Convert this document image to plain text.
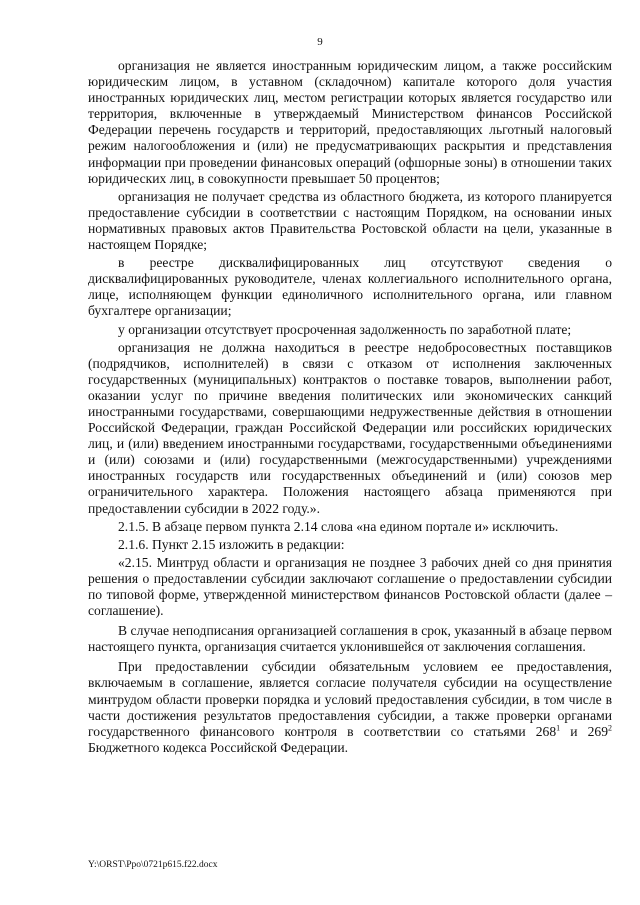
9

организация не является иностранным юридическим лицом, а также российским юридическим лицом, в уставном (складочном) капитале которого доля участия иностранных юридических лиц, местом регистрации которых является государство или территория, включенные в утверждаемый Министерством финансов Российской Федерации перечень государств и территорий, предоставляющих льготный налоговый режим налогообложения и (или) не предусматривающих раскрытия и представления информации при проведении финансовых операций (офшорные зоны) в отношении таких юридических лиц, в совокупности превышает 50 процентов;

организация не получает средства из областного бюджета, из которого планируется предоставление субсидии в соответствии с настоящим Порядком, на основании иных нормативных правовых актов Правительства Ростовской области на цели, указанные в настоящем Порядке;

в реестре дисквалифицированных лиц отсутствуют сведения о дисквалифицированных руководителе, членах коллегиального исполнительного органа, лице, исполняющем функции единоличного исполнительного органа, или главном бухгалтере организации;

у организации отсутствует просроченная задолженность по заработной плате;

организация не должна находиться в реестре недобросовестных поставщиков (подрядчиков, исполнителей) в связи с отказом от исполнения заключенных государственных (муниципальных) контрактов о поставке товаров, выполнении работ, оказании услуг по причине введения политических или экономических санкций иностранными государствами, совершающими недружественные действия в отношении Российской Федерации, граждан Российской Федерации или российских юридических лиц, и (или) введением иностранными государствами, государственными объединениями и (или) союзами и (или) государственными (межгосударственными) учреждениями иностранных государств или государственных объединений и (или) союзов мер ограничительного характера. Положения настоящего абзаца применяются при предоставлении субсидии в 2022 году.».

2.1.5. В абзаце первом пункта 2.14 слова «на едином портале и» исключить.

2.1.6. Пункт 2.15 изложить в редакции:

«2.15. Минтруд области и организация не позднее 3 рабочих дней со дня принятия решения о предоставлении субсидии заключают соглашение о предоставлении субсидии по типовой форме, утвержденной министерством финансов Ростовской области (далее – соглашение).

В случае неподписания организацией соглашения в срок, указанный в абзаце первом настоящего пункта, организация считается уклонившейся от заключения соглашения.

При предоставлении субсидии обязательным условием ее предоставления, включаемым в соглашение, является согласие получателя субсидии на осуществление минтрудом области проверки порядка и условий предоставления субсидии, в том числе в части достижения результатов предоставления субсидии, а также проверки органами государственного финансового контроля в соответствии со статьями $268^1$ и $269^2$ Бюджетного кодекса Российской Федерации.

Y:\ORST\Ppo\0721p615.f22.docx
